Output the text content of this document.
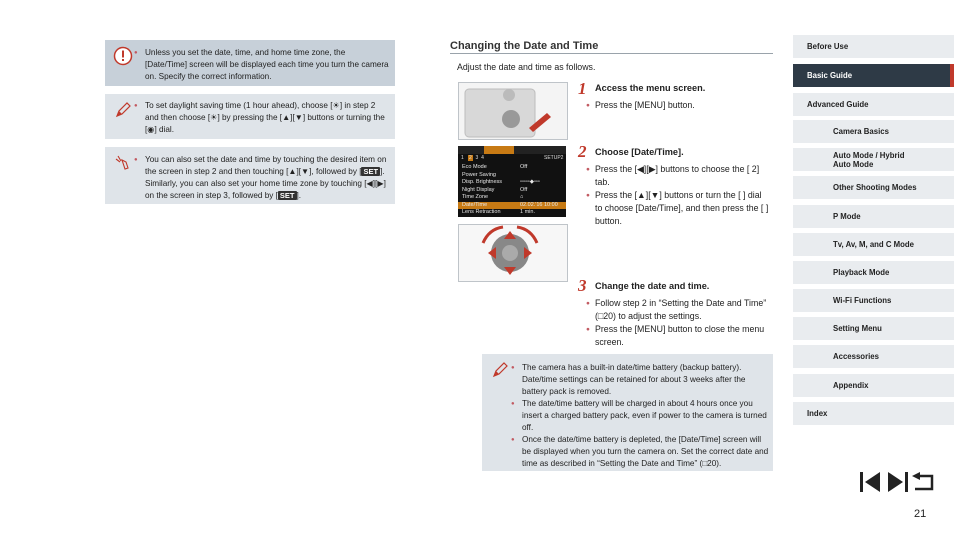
● Unless you set the date, time, and home time zone, the [Date/Time] screen will be displayed each time you turn the camera on. Specify the correct information.
● To set daylight saving time (1 hour ahead), choose [☀] in step 2 and then choose [☀] by pressing the [▲][▼] buttons or turning the [◉] dial.
● You can also set the date and time by touching the desired item on the screen in step 2 and then touching [▲][▼], followed by [ SET ]. Similarly, you can also set your home time zone by touching [◀][▶] on the screen in step 3, followed by [ SET ].
Changing the Date and Time
Adjust the date and time as follows.
1 Access the menu screen.
● Press the [MENU] button.
1 2 3 4	SETUP2
Eco Mode	Off
Power Saving
Disp. Brightness	▫▫▫▫▫◆▫▫▫
Night Display	Off
Time Zone	⌂
Date/Time	02.02.'16 10:00
Lens Retraction	1 min.
2 Choose [Date/Time].
● Press the [◀][▶] buttons to choose the [ 2] tab.
● Press the [▲][▼] buttons or turn the [ ] dial to choose [Date/Time], and then press the [ ] button.
3 Change the date and time.
● Follow step 2 in “Setting the Date and Time” (□20) to adjust the settings.
● Press the [MENU] button to close the menu screen.
● The camera has a built-in date/time battery (backup battery). Date/time settings can be retained for about 3 weeks after the battery pack is removed.
● The date/time battery will be charged in about 4 hours once you insert a charged battery pack, even if power to the camera is turned off.
● Once the date/time battery is depleted, the [Date/Time] screen will be displayed when you turn the camera on. Set the correct date and time as described in “Setting the Date and Time” (□20).
Before Use
Basic Guide
Advanced Guide
Camera Basics
Auto Mode / Hybrid Auto Mode
Other Shooting Modes
P Mode
Tv, Av, M, and C Mode
Playback Mode
Wi-Fi Functions
Setting Menu
Accessories
Appendix
Index
21
